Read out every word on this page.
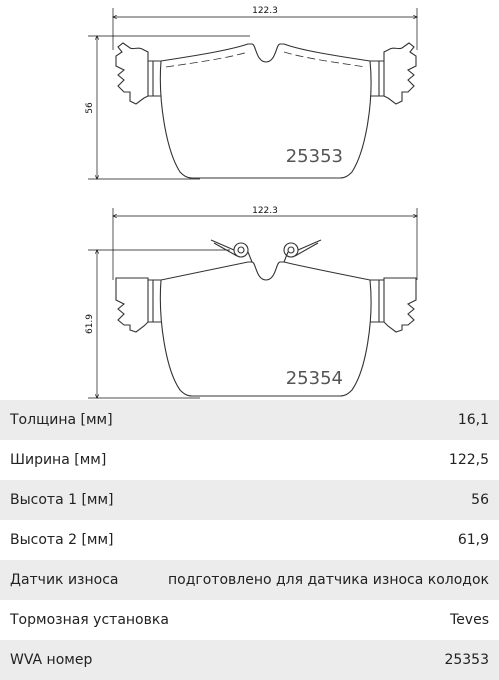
122.3
56
25353
122.3
61.9
25354
Толщина [мм]	16,1
Ширина [мм]	122,5
Высота 1 [мм]	56
Высота 2 [мм]	61,9
Датчик износа	подготовлено для датчика износа колодок
Тормозная установка	Teves
WVA номер	25353
